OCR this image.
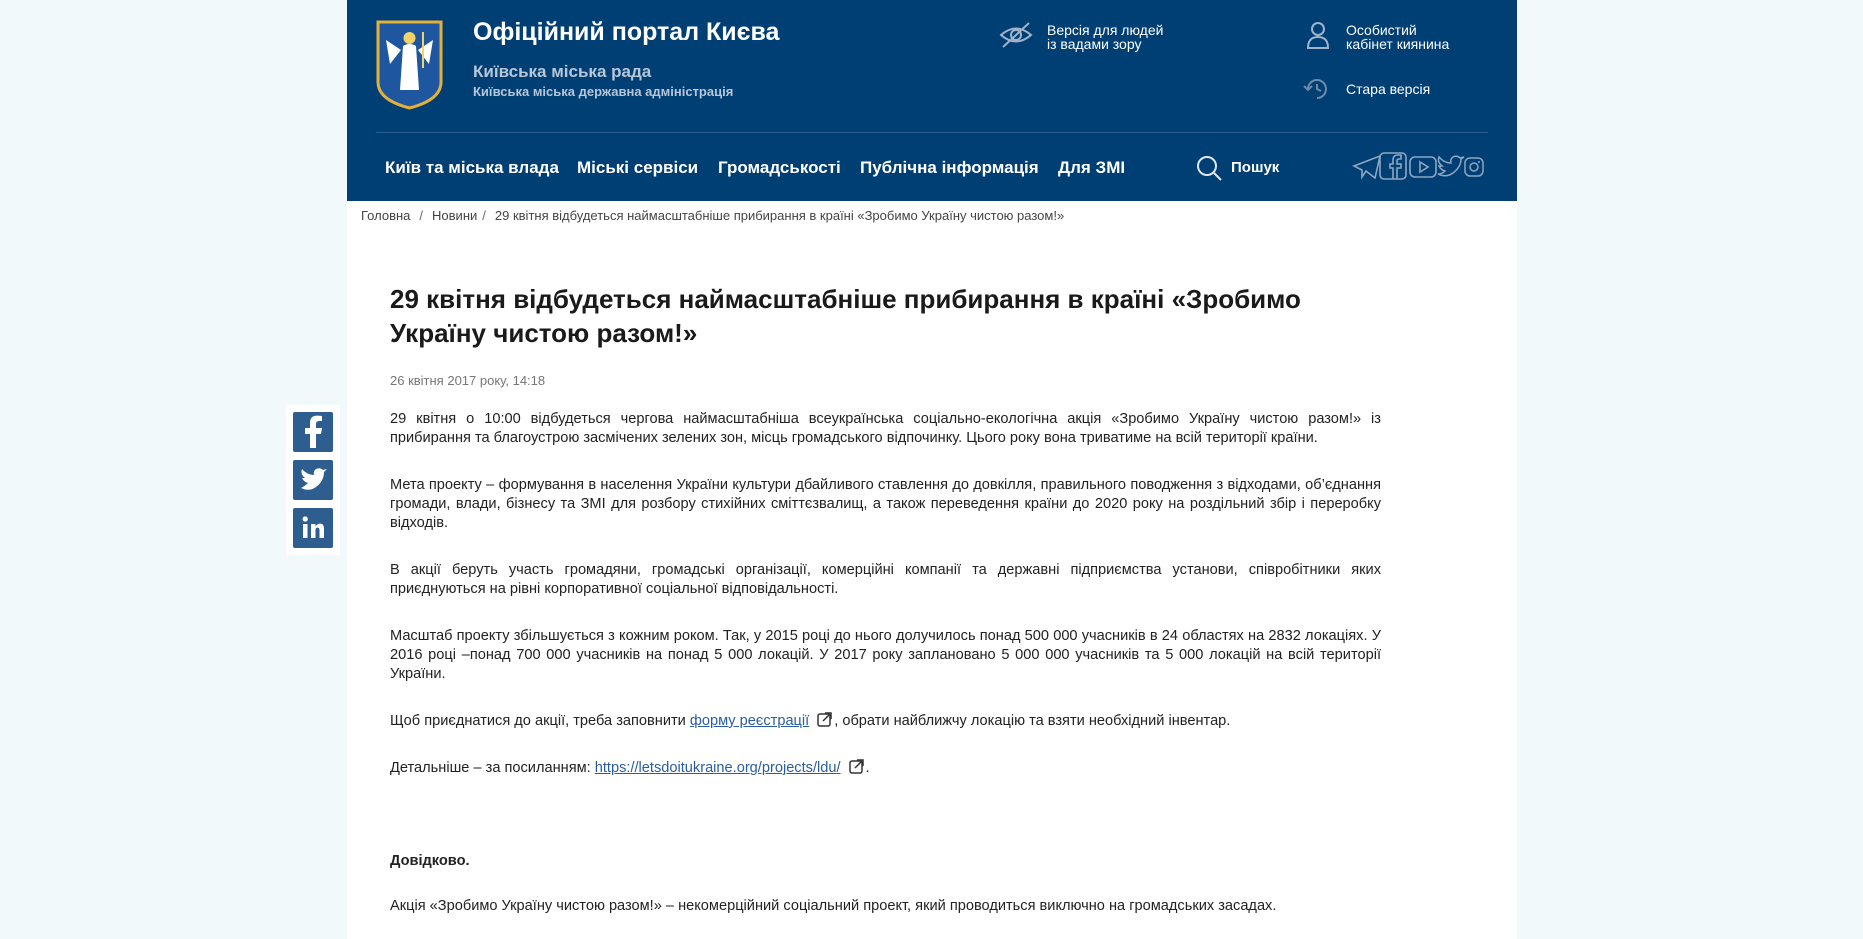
Офіційний портал Києва
Київська міська рада
Київська міська державна адміністрація
Версія для людей
із вадами зору
Особистий
кабінет киянина
Стара версія
Київ та міська влада Міські сервіси Громадськості Публічна інформація Для ЗМІ	Пошук
Головна / Новини / 29 квітня відбудеться наймасштабніше прибирання в країні «Зробимо Україну чистою разом!»
29 квітня відбудеться наймасштабніше прибирання в країні «Зробимо Україну чистою разом!»
26 квітня 2017 року, 14:18

29 квітня о 10:00 відбудеться чергова наймасштабніша всеукраїнська соціально-екологічна акція «Зробимо Україну чистою разом!» із прибирання та благоустрою засмічених зелених зон, місць громадського відпочинку. Цього року вона триватиме на всій території країни.

Мета проекту – формування в населення України культури дбайливого ставлення до довкілля, правильного поводження з відходами, об’єднання громади, влади, бізнесу та ЗМІ для розбору стихійних сміттєзвалищ, а також переведення країни до 2020 року на роздільний збір і переробку відходів.

В акції беруть участь громадяни, громадські організації, комерційні компанії та державні підприємства установи, співробітники яких приєднуються на рівні корпоративної соціальної відповідальності.

Масштаб проекту збільшується з кожним роком. Так, у 2015 році до нього долучилось понад 500 000 учасників в 24 областях на 2832 локаціях. У 2016 році –понад 700 000 учасників на понад 5 000 локацій. У 2017 року заплановано 5 000 000 учасників та 5 000 локацій на всій території України.

Щоб приєднатися до акції, треба заповнити форму реєстрації , обрати найближчу локацію та взяти необхідний інвентар.

Детальніше – за посиланням: https://letsdoitukraine.org/projects/ldu/ .

Довідково.

Акція «Зробимо Україну чистою разом!» – некомерційний соціальний проект, який проводиться виключно на громадських засадах.
